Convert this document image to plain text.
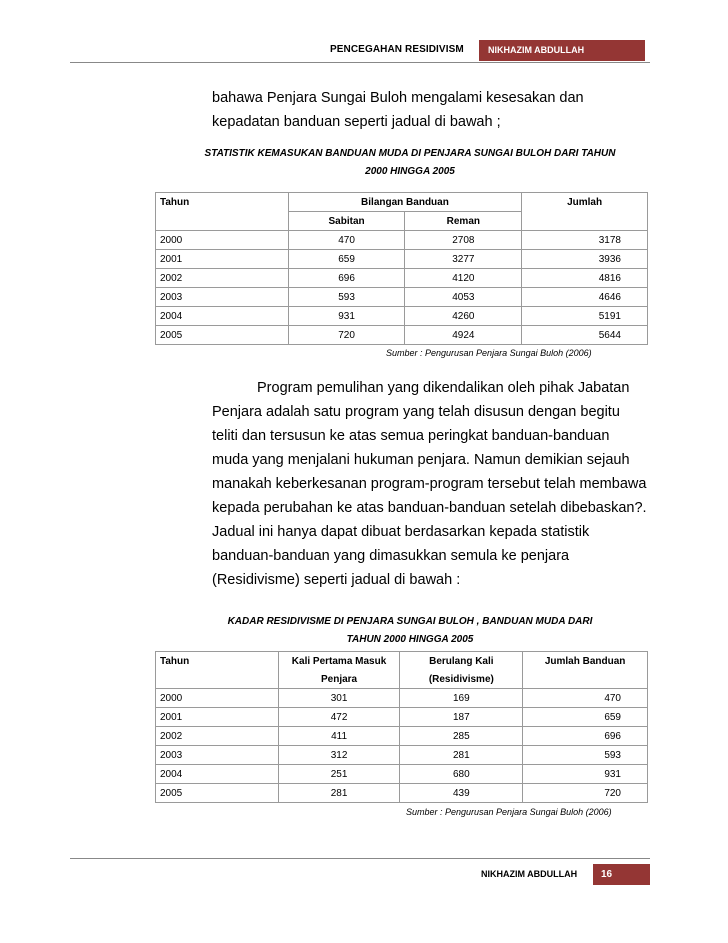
PENCEGAHAN RESIDIVISM	NIKHAZIM ABDULLAH
bahawa Penjara Sungai Buloh mengalami kesesakan dan
kepadatan banduan seperti jadual di bawah ;
STATISTIK KEMASUKAN BANDUAN MUDA DI PENJARA SUNGAI BULOH DARI TAHUN
2000 HINGGA 2005
Tahun	Bilangan Banduan		Jumlah
	Sabitan	Reman	
2000	470	2708	3178
2001	659	3277	3936
2002	696	4120	4816
2003	593	4053	4646
2004	931	4260	5191
2005	720	4924	5644
Sumber : Pengurusan Penjara Sungai Buloh (2006)
Program pemulihan yang dikendalikan oleh pihak Jabatan
Penjara adalah satu program yang telah disusun dengan begitu
teliti dan tersusun ke atas semua peringkat banduan-banduan
muda yang menjalani hukuman penjara. Namun demikian sejauh
manakah keberkesanan program-program tersebut telah membawa
kepada perubahan ke atas banduan-banduan setelah dibebaskan?.
Jadual ini hanya dapat dibuat berdasarkan kepada statistik
banduan-banduan yang dimasukkan semula ke penjara
(Residivisme) seperti jadual di bawah :
KADAR RESIDIVISME DI PENJARA SUNGAI BULOH , BANDUAN MUDA DARI
TAHUN 2000 HINGGA 2005
Tahun	Kali Pertama Masuk	Berulang Kali	Jumlah Banduan
	Penjara	(Residivisme)	
2000	301	169	470
2001	472	187	659
2002	411	285	696
2003	312	281	593
2004	251	680	931
2005	281	439	720
Sumber : Pengurusan Penjara Sungai Buloh (2006)
NIKHAZIM ABDULLAH	16
